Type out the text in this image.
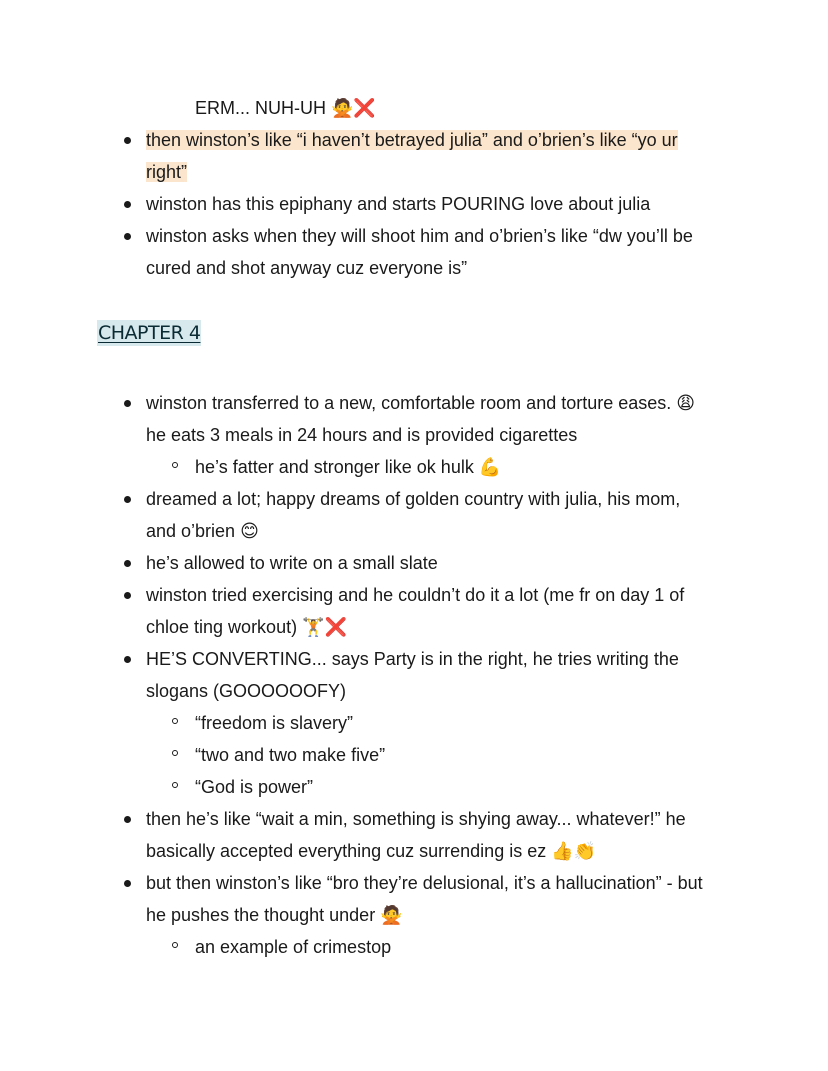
ERM... NUH-UH 🙅❌
then winston’s like “i haven’t betrayed julia” and o’brien’s like “yo ur
right”
winston has this epiphany and starts POURING love about julia
winston asks when they will shoot him and o’brien’s like “dw you’ll be
cured and shot anyway cuz everyone is”
CHAPTER 4
winston transferred to a new, comfortable room and torture eases. 😩
he eats 3 meals in 24 hours and is provided cigarettes
he’s fatter and stronger like ok hulk 💪
dreamed a lot; happy dreams of golden country with julia, his mom,
and o’brien 😊
he’s allowed to write on a small slate
winston tried exercising and he couldn’t do it a lot (me fr on day 1 of
chloe ting workout) 🏋❌
HE’S CONVERTING... says Party is in the right, he tries writing the
slogans (GOOOOOOFY)
“freedom is slavery”
“two and two make five”
“God is power”
then he’s like “wait a min, something is shying away... whatever!” he
basically accepted everything cuz surrending is ez 👍👏
but then winston’s like “bro they’re delusional, it’s a hallucination” - but
he pushes the thought under 🙅
an example of crimestop
